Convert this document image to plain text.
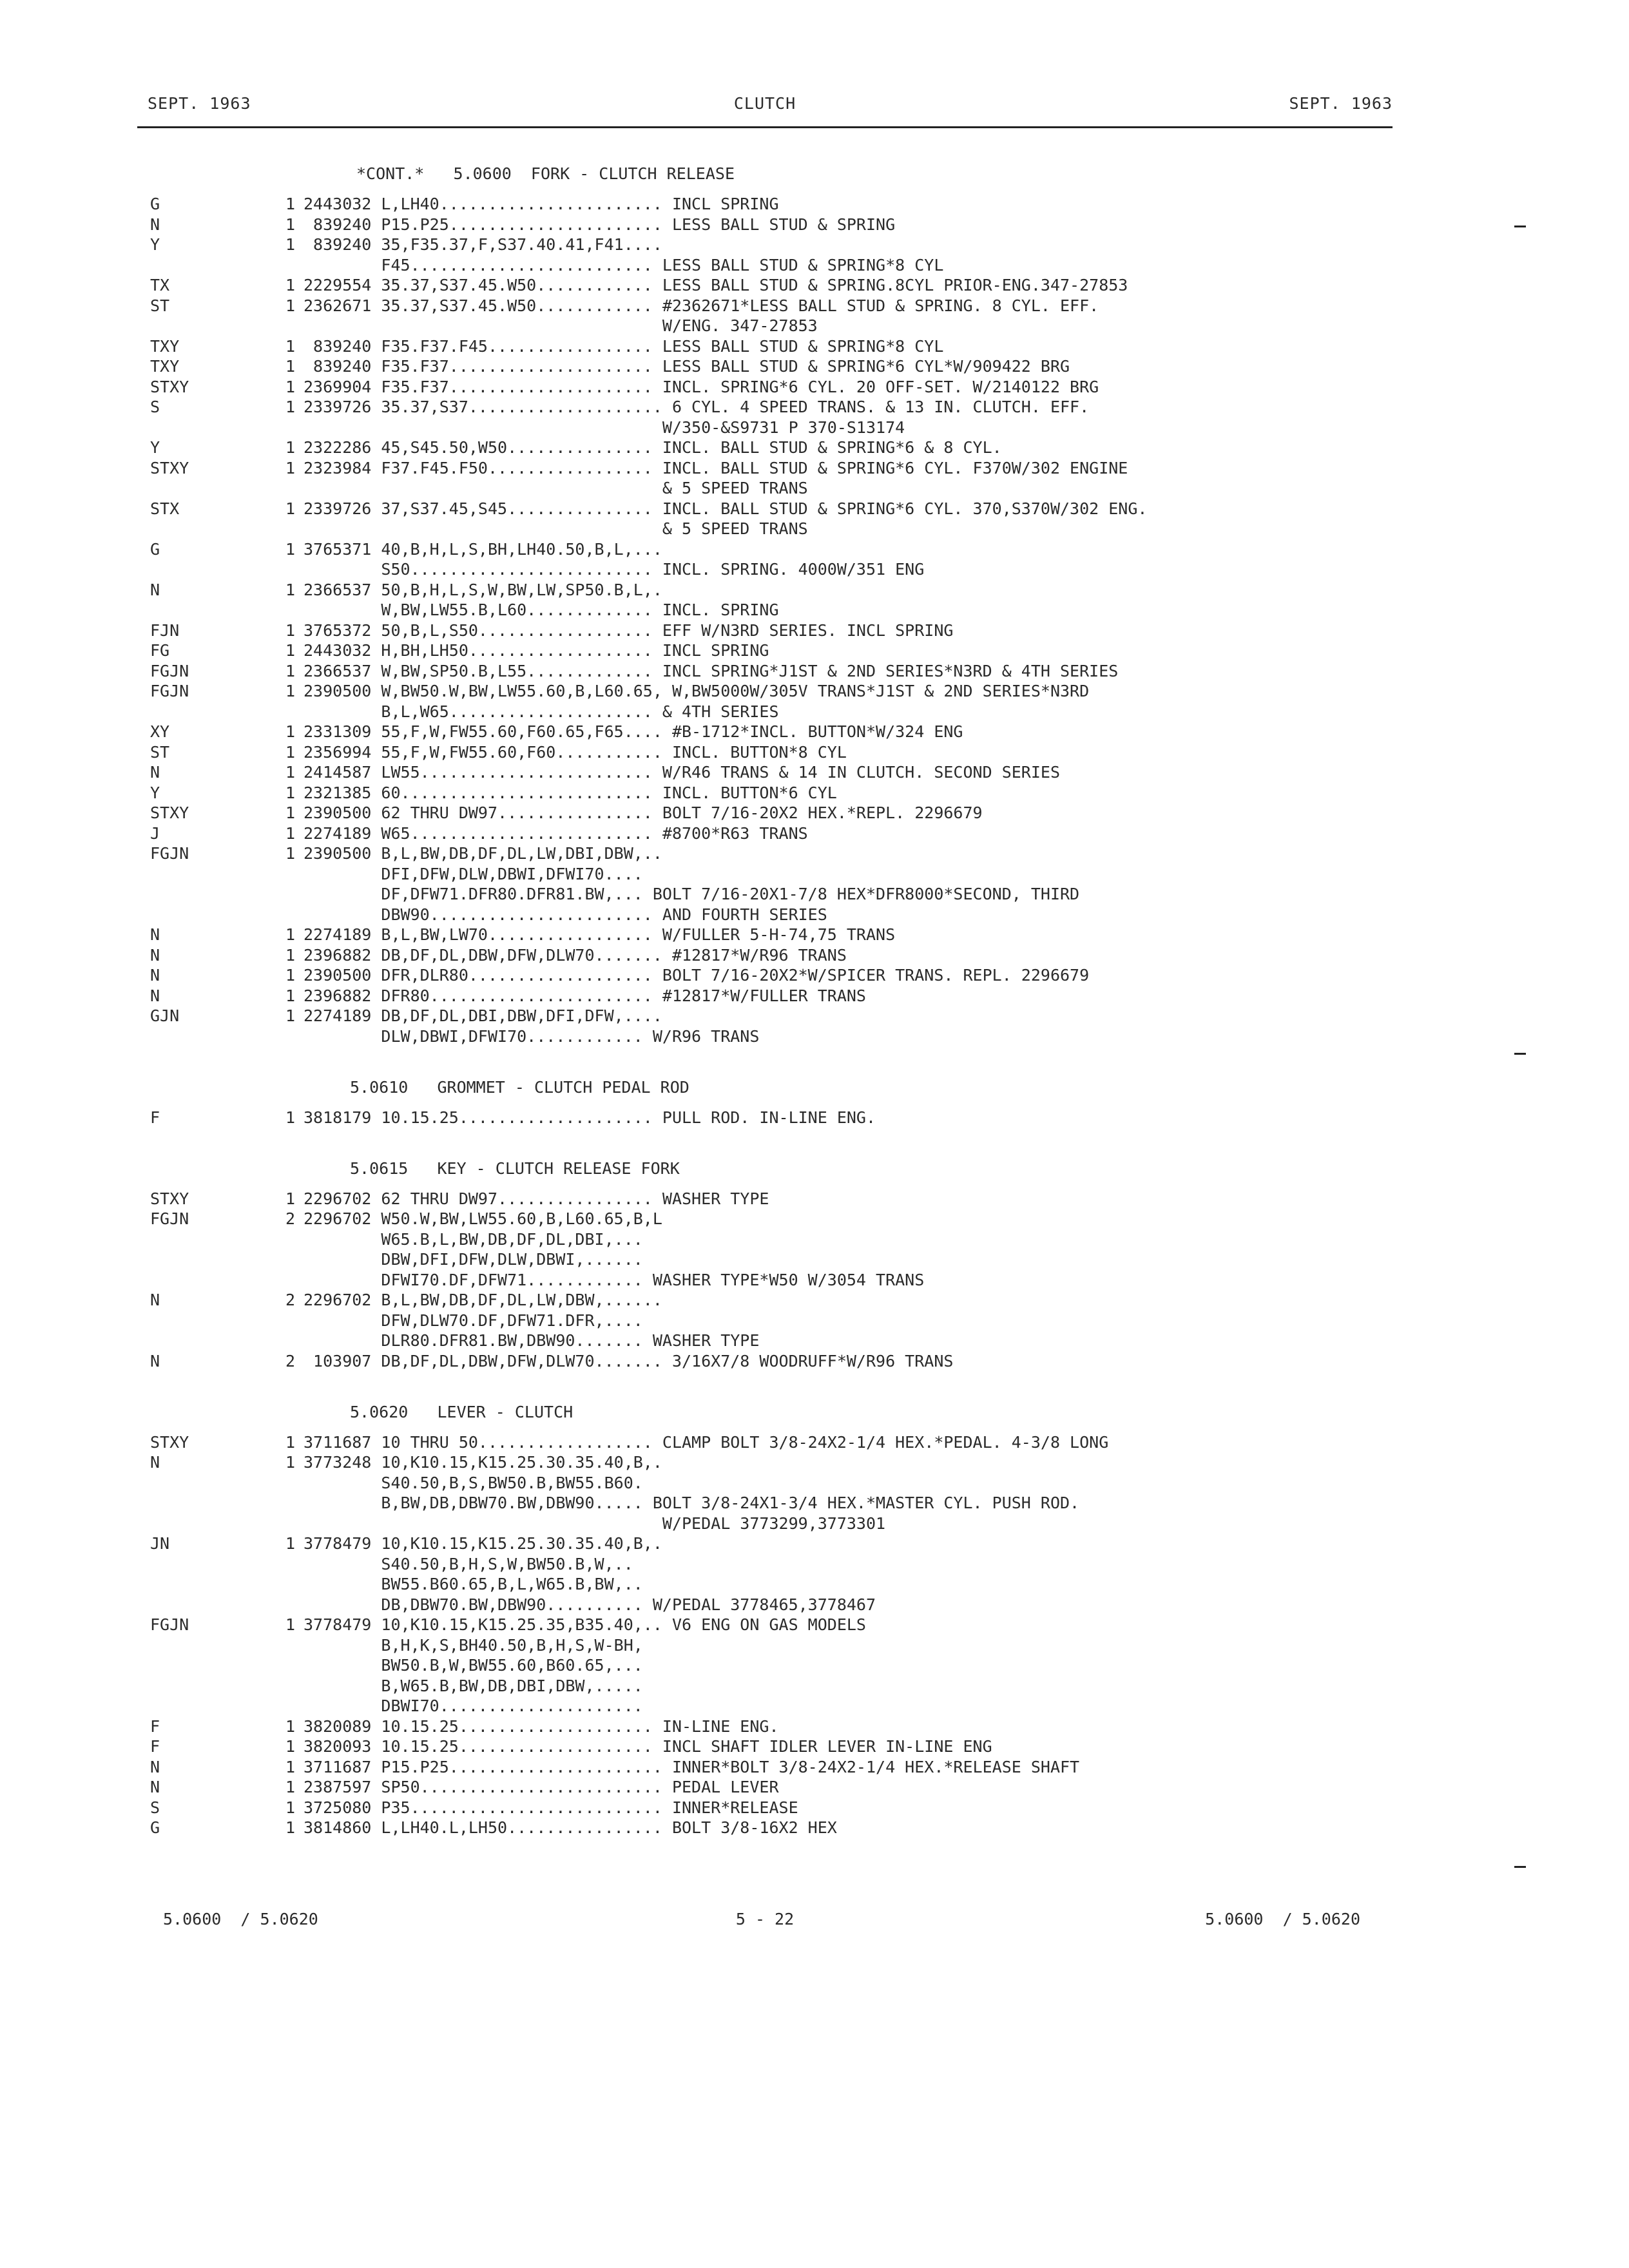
SEPT. 1963	CLUTCH	SEPT. 1963
*CONT.*   5.0600  FORK - CLUTCH RELEASE
G	1 2443032 L,LH40....................... INCL SPRING
N	1 839240 P15.P25...................... LESS BALL STUD & SPRING
Y	1 839240 35,F35.37,F,S37.40.41,F41....
F45......................... LESS BALL STUD & SPRING*8 CYL
TX	1 2229554 35.37,S37.45.W50............ LESS BALL STUD & SPRING.8CYL PRIOR-ENG.347-27853
ST	1 2362671 35.37,S37.45.W50............ #2362671*LESS BALL STUD & SPRING. 8 CYL. EFF.
W/ENG. 347-27853
TXY	1 839240 F35.F37.F45................. LESS BALL STUD & SPRING*8 CYL
TXY	1 839240 F35.F37..................... LESS BALL STUD & SPRING*6 CYL*W/909422 BRG
STXY	1 2369904 F35.F37..................... INCL. SPRING*6 CYL. 20 OFF-SET. W/2140122 BRG
S	1 2339726 35.37,S37.................... 6 CYL. 4 SPEED TRANS. & 13 IN. CLUTCH. EFF.
W/350-&S9731 P 370-S13174
Y	1 2322286 45,S45.50,W50............... INCL. BALL STUD & SPRING*6 & 8 CYL.
STXY	1 2323984 F37.F45.F50................. INCL. BALL STUD & SPRING*6 CYL. F370W/302 ENGINE
& 5 SPEED TRANS
STX	1 2339726 37,S37.45,S45............... INCL. BALL STUD & SPRING*6 CYL. 370,S370W/302 ENG.
& 5 SPEED TRANS
G	1 3765371 40,B,H,L,S,BH,LH40.50,B,L,...
S50......................... INCL. SPRING. 4000W/351 ENG
N	1 2366537 50,B,H,L,S,W,BW,LW,SP50.B,L,.
W,BW,LW55.B,L60............. INCL. SPRING
FJN	1 3765372 50,B,L,S50.................. EFF W/N3RD SERIES. INCL SPRING
FG	1 2443032 H,BH,LH50................... INCL SPRING
FGJN	1 2366537 W,BW,SP50.B,L55............. INCL SPRING*J1ST & 2ND SERIES*N3RD & 4TH SERIES
FGJN	1 2390500 W,BW50.W,BW,LW55.60,B,L60.65, W,BW5000W/305V TRANS*J1ST & 2ND SERIES*N3RD
B,L,W65..................... & 4TH SERIES
XY	1 2331309 55,F,W,FW55.60,F60.65,F65.... #B-1712*INCL. BUTTON*W/324 ENG
ST	1 2356994 55,F,W,FW55.60,F60........... INCL. BUTTON*8 CYL
N	1 2414587 LW55........................ W/R46 TRANS & 14 IN CLUTCH. SECOND SERIES
Y	1 2321385 60.......................... INCL. BUTTON*6 CYL
STXY	1 2390500 62 THRU DW97................ BOLT 7/16-20X2 HEX.*REPL. 2296679
J	1 2274189 W65......................... #8700*R63 TRANS
FGJN	1 2390500 B,L,BW,DB,DF,DL,LW,DBI,DBW,..
DFI,DFW,DLW,DBWI,DFWI70....
DF,DFW71.DFR80.DFR81.BW,... BOLT 7/16-20X1-7/8 HEX*DFR8000*SECOND, THIRD
DBW90....................... AND FOURTH SERIES
N	1 2274189 B,L,BW,LW70................. W/FULLER 5-H-74,75 TRANS
N	1 2396882 DB,DF,DL,DBW,DFW,DLW70....... #12817*W/R96 TRANS
N	1 2390500 DFR,DLR80................... BOLT 7/16-20X2*W/SPICER TRANS. REPL. 2296679
N	1 2396882 DFR80....................... #12817*W/FULLER TRANS
GJN	1 2274189 DB,DF,DL,DBI,DBW,DFI,DFW,....
DLW,DBWI,DFWI70............ W/R96 TRANS
5.0610   GROMMET - CLUTCH PEDAL ROD
F	1 3818179 10.15.25.................... PULL ROD. IN-LINE ENG.
5.0615   KEY - CLUTCH RELEASE FORK
STXY	1 2296702 62 THRU DW97................ WASHER TYPE
FGJN	2 2296702 W50.W,BW,LW55.60,B,L60.65,B,L
W65.B,L,BW,DB,DF,DL,DBI,...
DBW,DFI,DFW,DLW,DBWI,......
DFWI70.DF,DFW71............ WASHER TYPE*W50 W/3054 TRANS
N	2 2296702 B,L,BW,DB,DF,DL,LW,DBW,......
DFW,DLW70.DF,DFW71.DFR,....
DLR80.DFR81.BW,DBW90....... WASHER TYPE
N	2 103907 DB,DF,DL,DBW,DFW,DLW70....... 3/16X7/8 WOODRUFF*W/R96 TRANS
5.0620   LEVER - CLUTCH
STXY	1 3711687 10 THRU 50.................. CLAMP BOLT 3/8-24X2-1/4 HEX.*PEDAL. 4-3/8 LONG
N	1 3773248 10,K10.15,K15.25.30.35.40,B,.
S40.50,B,S,BW50.B,BW55.B60.
B,BW,DB,DBW70.BW,DBW90..... BOLT 3/8-24X1-3/4 HEX.*MASTER CYL. PUSH ROD.
W/PEDAL 3773299,3773301
JN	1 3778479 10,K10.15,K15.25.30.35.40,B,.
S40.50,B,H,S,W,BW50.B,W,..
BW55.B60.65,B,L,W65.B,BW,..
DB,DBW70.BW,DBW90.......... W/PEDAL 3778465,3778467
FGJN	1 3778479 10,K10.15,K15.25.35,B35.40,.. V6 ENG ON GAS MODELS
B,H,K,S,BH40.50,B,H,S,W-BH,
BW50.B,W,BW55.60,B60.65,...
B,W65.B,BW,DB,DBI,DBW,.....
DBWI70.....................
F	1 3820089 10.15.25.................... IN-LINE ENG.
F	1 3820093 10.15.25.................... INCL SHAFT IDLER LEVER IN-LINE ENG
N	1 3711687 P15.P25...................... INNER*BOLT 3/8-24X2-1/4 HEX.*RELEASE SHAFT
N	1 2387597 SP50......................... PEDAL LEVER
S	1 3725080 P35.......................... INNER*RELEASE
G	1 3814860 L,LH40.L,LH50................ BOLT 3/8-16X2 HEX

5.0600  / 5.0620

	5 - 22

	5.0600  / 5.0620
